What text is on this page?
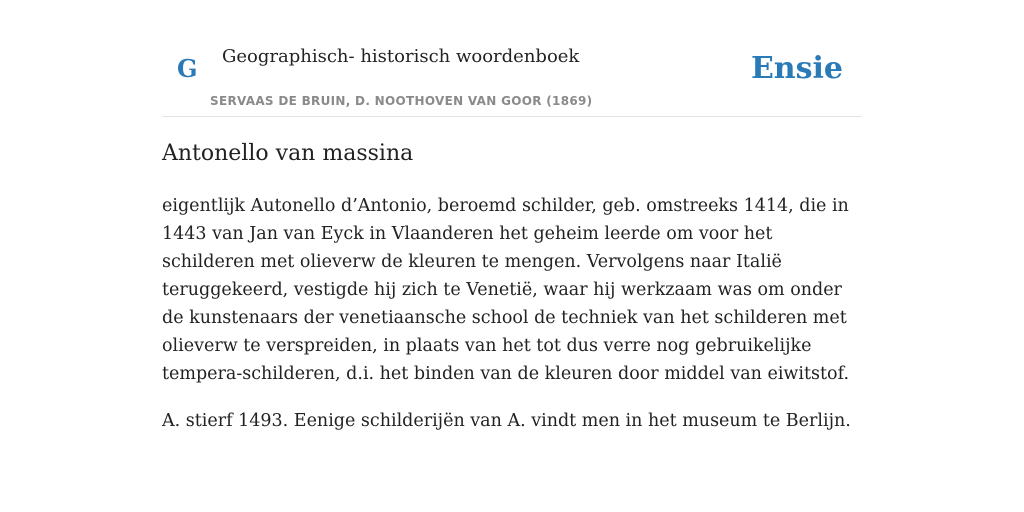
G Geographisch- historisch woordenboek
SERVAAS DE BRUIN, D. NOOTHOVEN VAN GOOR (1869)
Ensie
Antonello van massina

eigentlijk Autonello d’Antonio, beroemd schilder, geb. omstreeks 1414, die in 1443 van Jan van Eyck in Vlaanderen het geheim leerde om voor het schilderen met olieverw de kleuren te mengen. Vervolgens naar Italië teruggekeerd, vestigde hij zich te Venetië, waar hij werkzaam was om onder de kunstenaars der venetiaansche school de techniek van het schilderen met olieverw te verspreiden, in plaats van het tot dus verre nog gebruikelijke tempera-schilderen, d.i. het binden van de kleuren door middel van eiwitstof.

A. stierf 1493. Eenige schilderijën van A. vindt men in het museum te Berlijn.
